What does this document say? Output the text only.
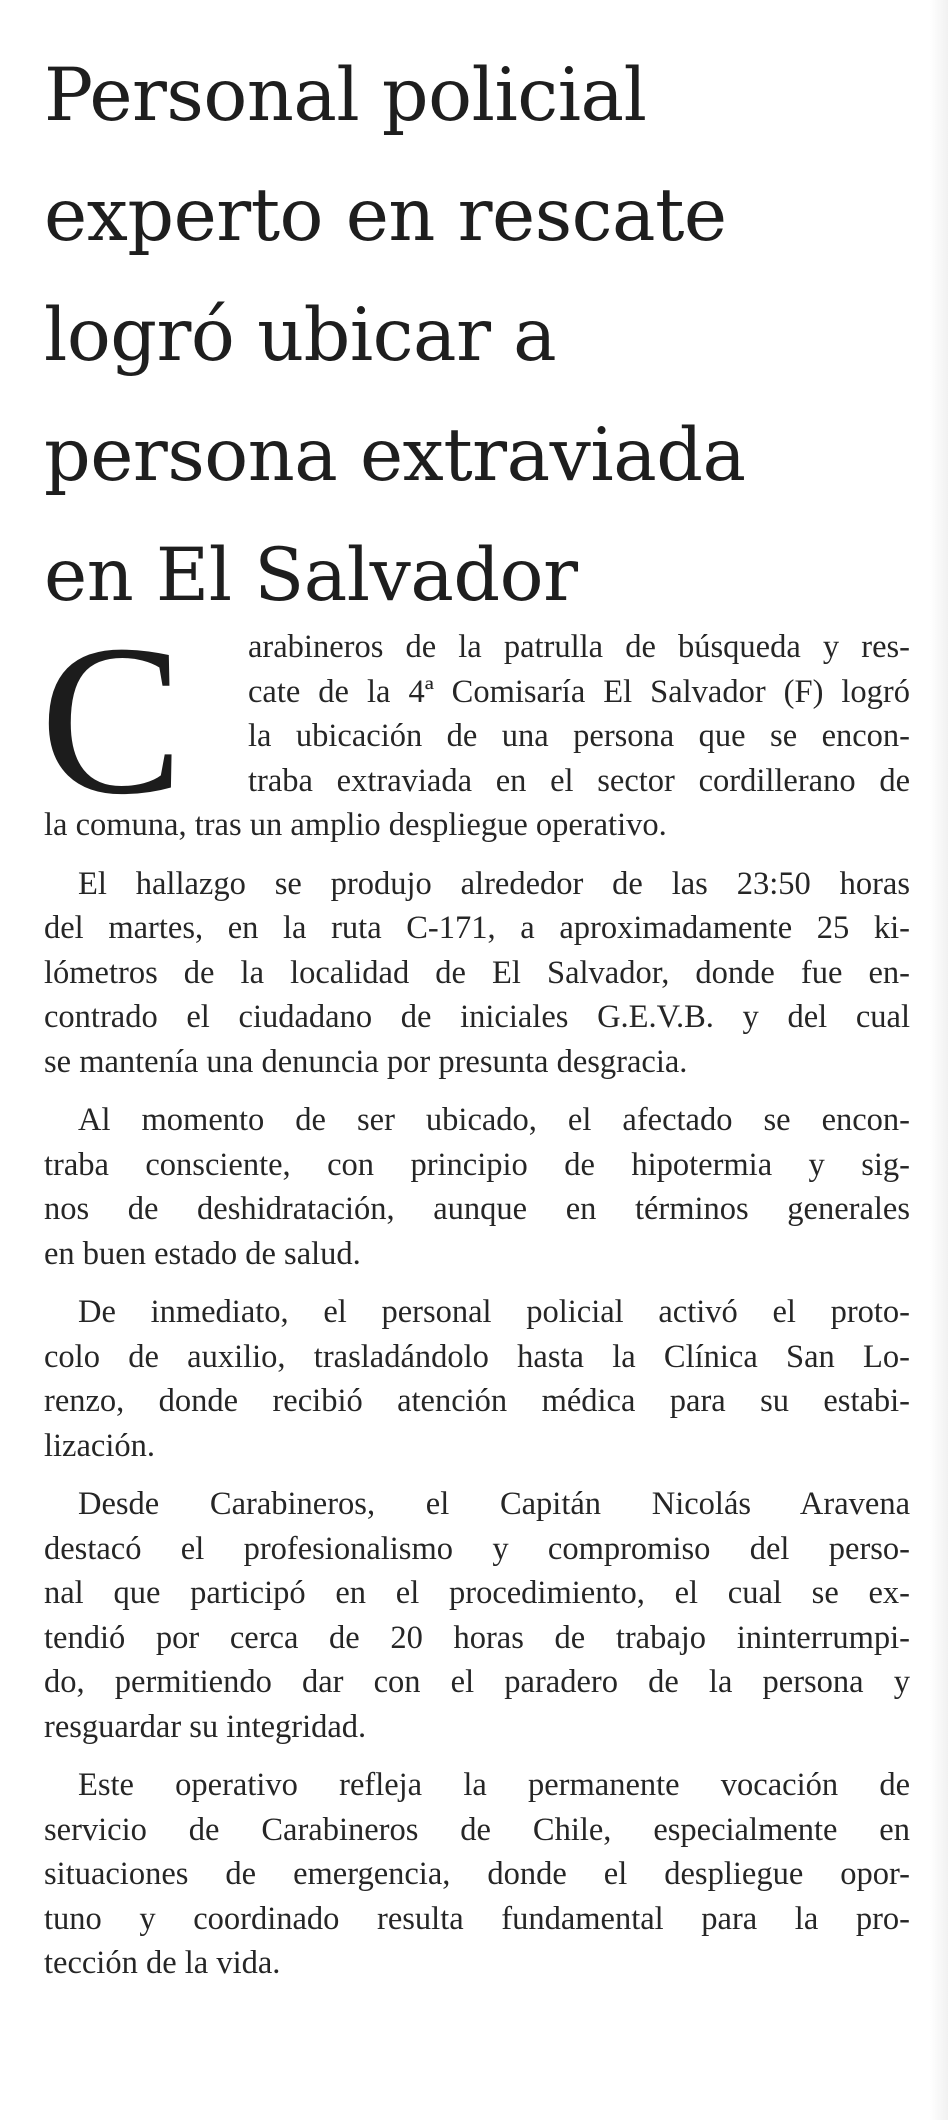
Personal policial
experto en rescate
logró ubicar a
persona extraviada
en El Salvador
C	arabineros de la patrulla de búsqueda y res-
cate de la 4ª Comisaría El Salvador (F) logró
la ubicación de una persona que se encon-
traba extraviada en el sector cordillerano de
la comuna, tras un amplio despliegue operativo.
El hallazgo se produjo alrededor de las 23:50 horas
del martes, en la ruta C-171, a aproximadamente 25 ki-
lómetros de la localidad de El Salvador, donde fue en-
contrado el ciudadano de iniciales G.E.V.B. y del cual
se mantenía una denuncia por presunta desgracia.
Al momento de ser ubicado, el afectado se encon-
traba consciente, con principio de hipotermia y sig-
nos de deshidratación, aunque en términos generales
en buen estado de salud.
De inmediato, el personal policial activó el proto-
colo de auxilio, trasladándolo hasta la Clínica San Lo-
renzo, donde recibió atención médica para su estabi-
lización.
Desde Carabineros, el Capitán Nicolás Aravena
destacó el profesionalismo y compromiso del perso-
nal que participó en el procedimiento, el cual se ex-
tendió por cerca de 20 horas de trabajo ininterrumpi-
do, permitiendo dar con el paradero de la persona y
resguardar su integridad.
Este operativo refleja la permanente vocación de
servicio de Carabineros de Chile, especialmente en
situaciones de emergencia, donde el despliegue opor-
tuno y coordinado resulta fundamental para la pro-
tección de la vida.
